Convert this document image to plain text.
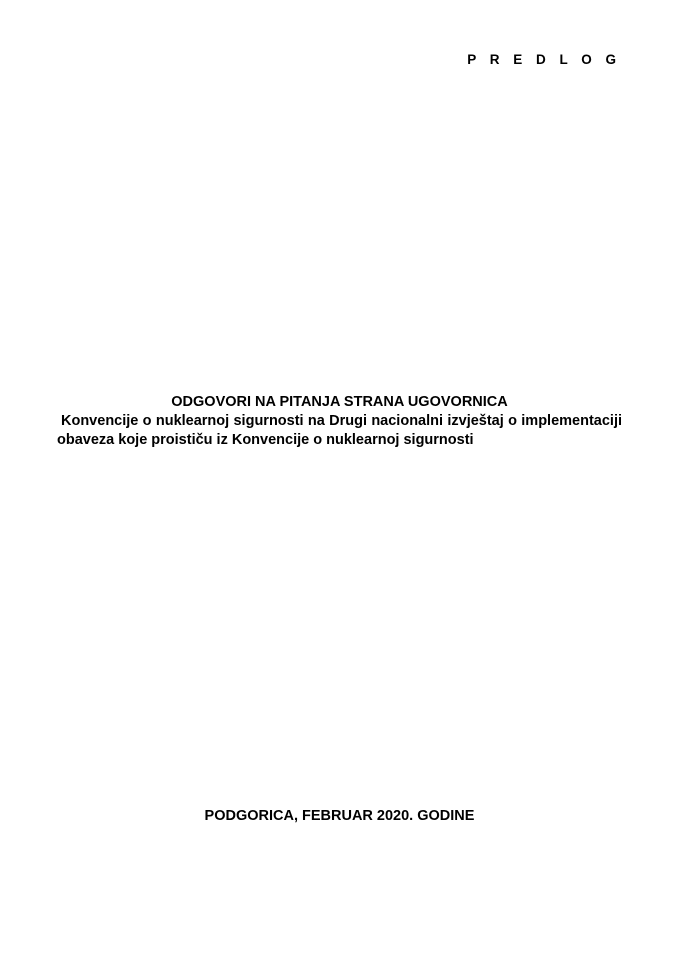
P R E D L O G

ODGOVORI NA PITANJA STRANA UGOVORNICA

Konvencije o nuklearnoj sigurnosti na Drugi nacionalni izvještaj o implementaciji obaveza koje proističu iz Konvencije o nuklearnoj sigurnosti

PODGORICA, FEBRUAR 2020. GODINE
